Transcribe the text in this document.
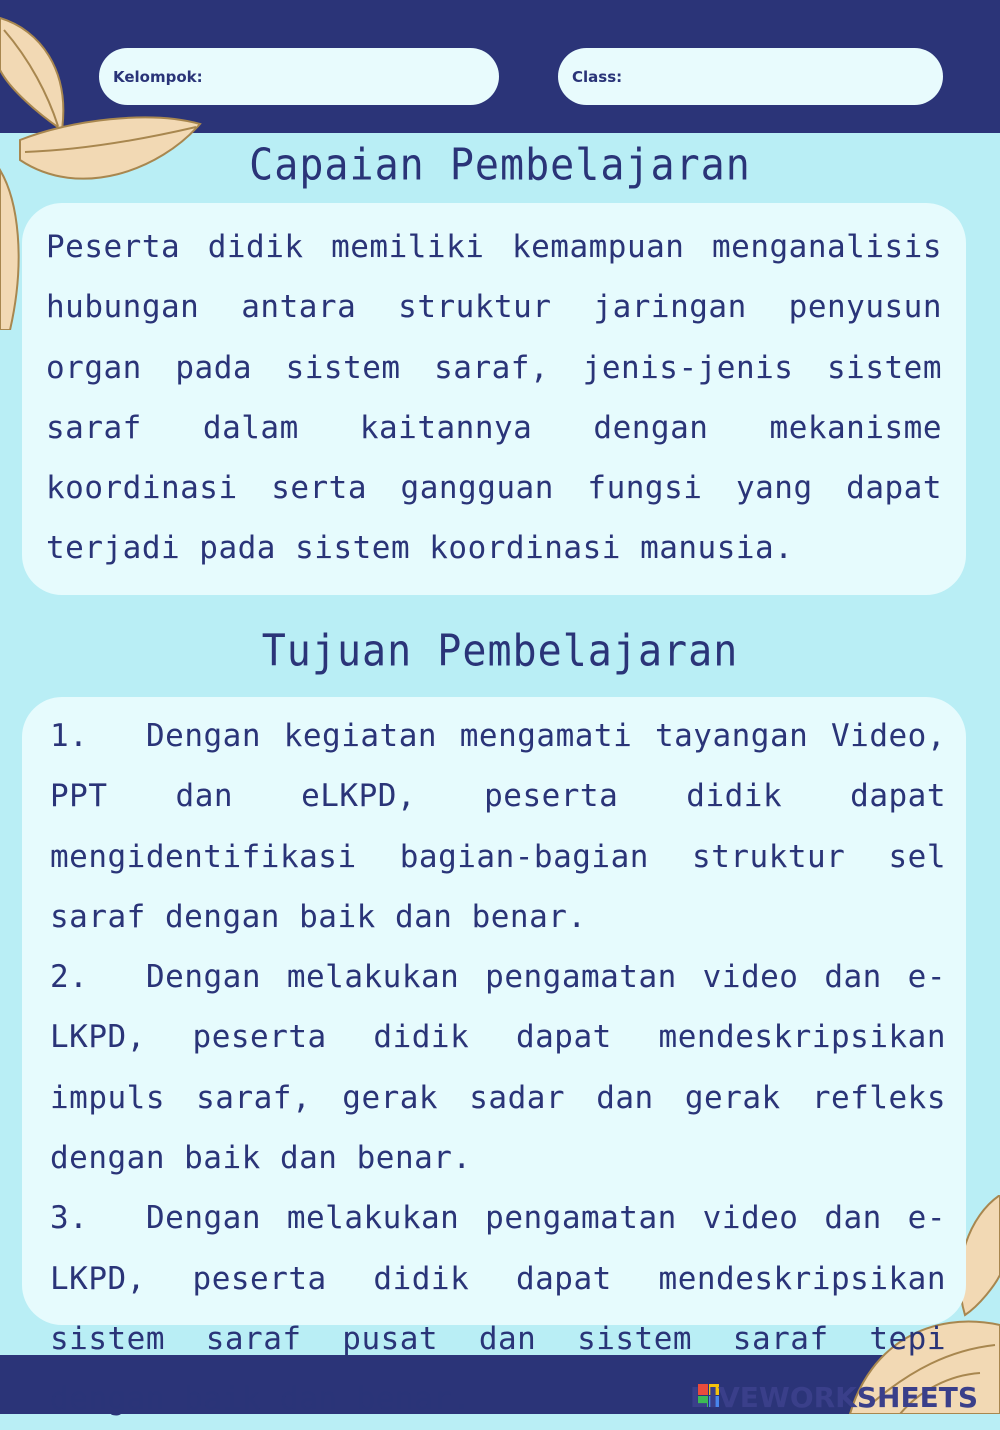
Kelompok:	Class:
Capaian Pembelajaran
Peserta didik memiliki kemampuan menganalisis hubungan antara struktur jaringan penyusun organ pada sistem saraf, jenis-jenis sistem saraf dalam kaitannya dengan mekanisme koordinasi serta gangguan fungsi yang dapat terjadi pada sistem koordinasi manusia.
Tujuan Pembelajaran
1. Dengan kegiatan mengamati tayangan Video, PPT dan eLKPD, peserta didik dapat mengidentifikasi bagian-bagian struktur sel saraf dengan baik dan benar.
2. Dengan melakukan pengamatan video dan e-LKPD, peserta didik dapat mendeskripsikan impuls saraf, gerak sadar dan gerak refleks dengan baik dan benar.
3. Dengan melakukan pengamatan video dan e-LKPD, peserta didik dapat mendeskripsikan sistem saraf pusat dan sistem saraf tepi dengan baik dan benar.	LIVEWORKSHEETS
